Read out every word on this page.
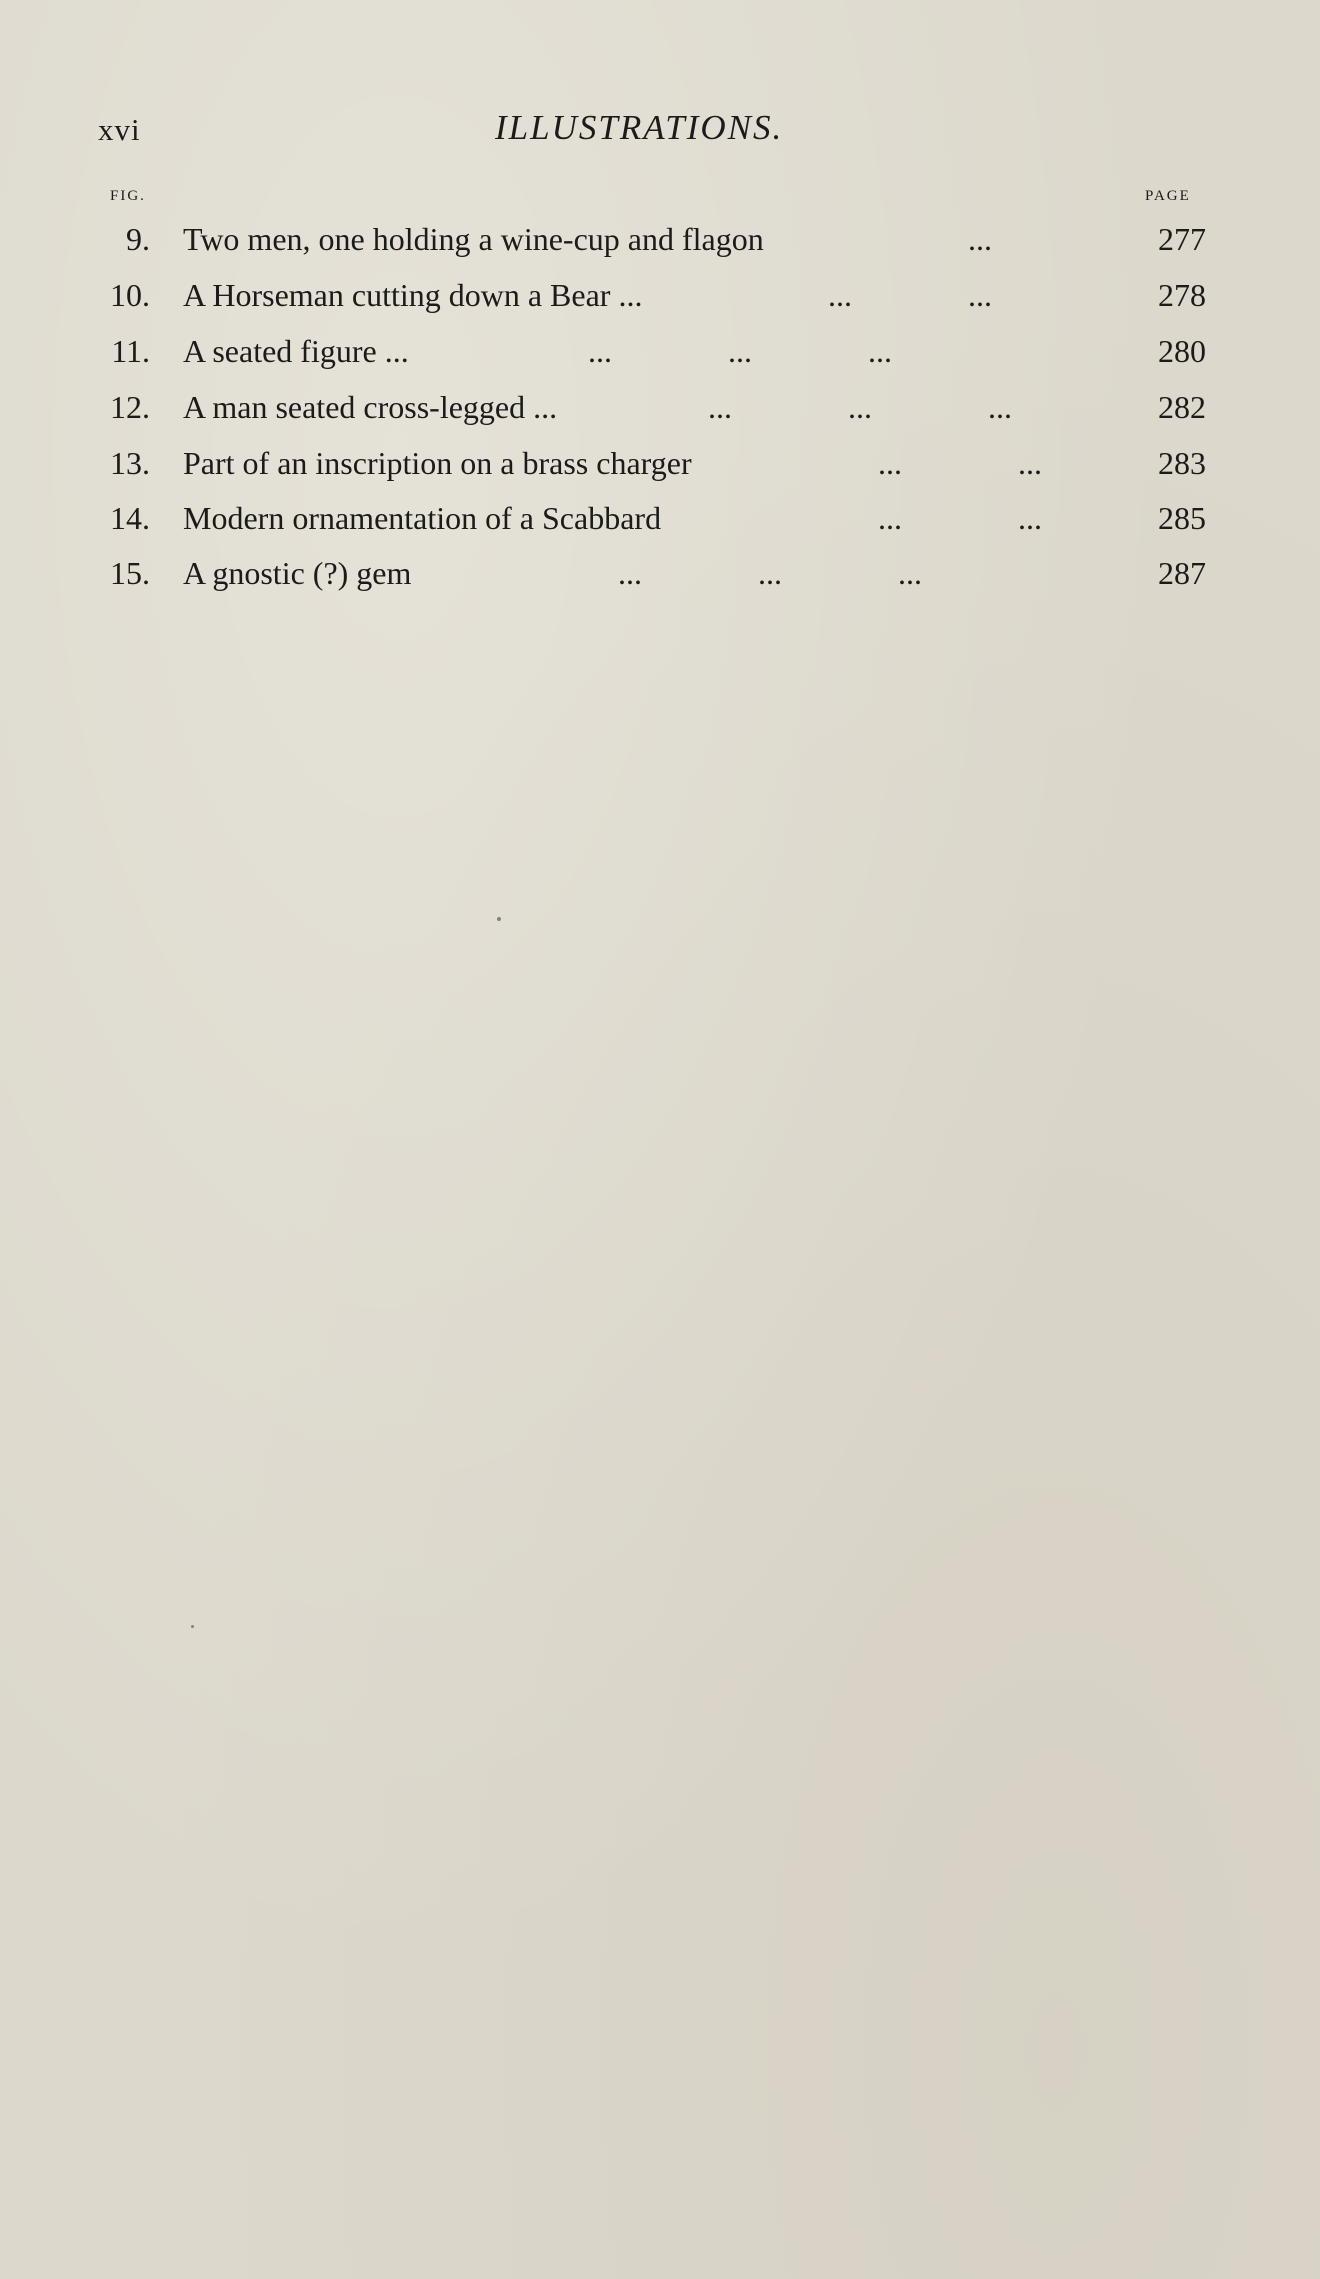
xvi	ILLUSTRATIONS.
FIG.	PAGE
9. Two men, one holding a wine-cup and flagon	...	277
10. A Horseman cutting down a Bear ...	...	...	278
11. A seated figure ...	...	...	...	280
12. A man seated cross-legged ...	...	...	...	282
13. Part of an inscription on a brass charger	...	...	283
14. Modern ornamentation of a Scabbard	...	...	285
15. A gnostic (?) gem	...	...	...	287
